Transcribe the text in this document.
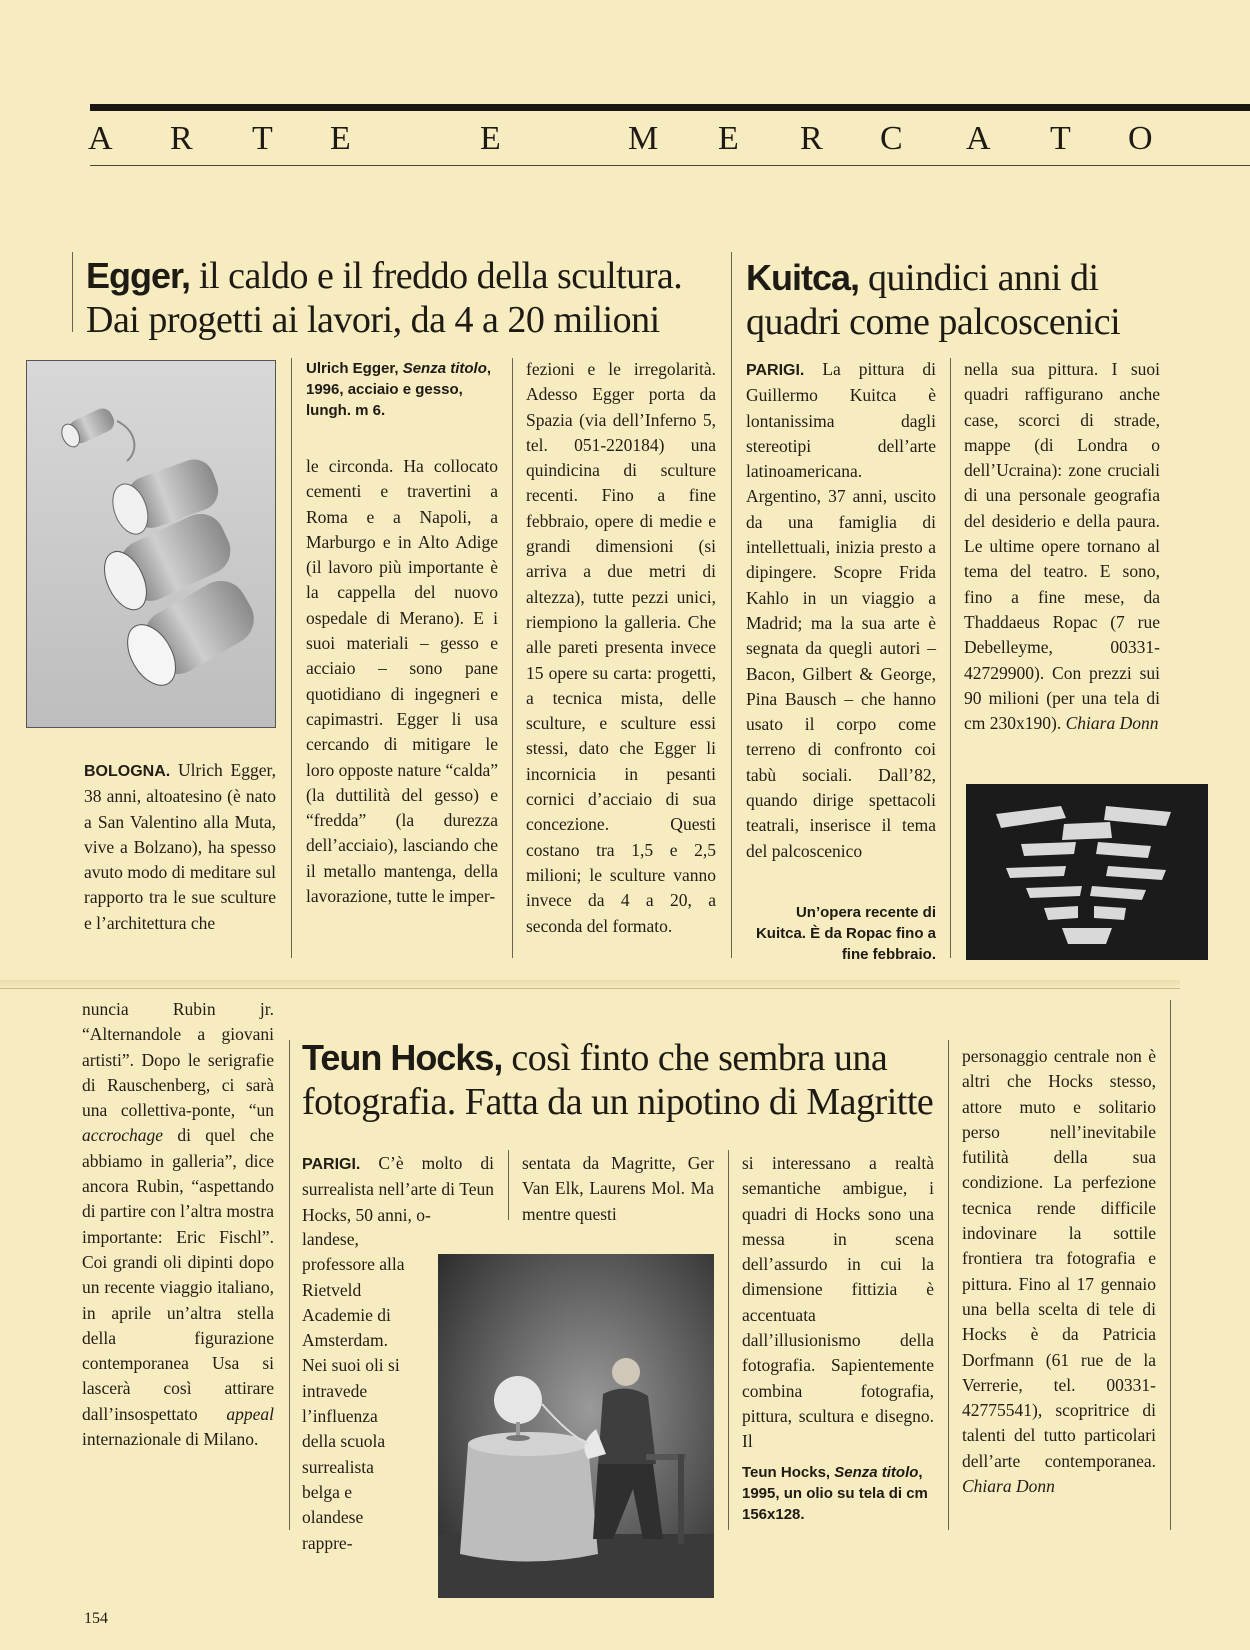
A R T E	E	M E R C A T O
Egger, il caldo e il freddo della scultura.
Dai progetti ai lavori, da 4 a 20 milioni
Ulrich Egger, Senza titolo, 1996, acciaio e gesso, lungh. m 6.

BOLOGNA. Ulrich Egger, 38 anni, altoatesino (è nato a San Valentino alla Muta, vive a Bolzano), ha spesso avuto modo di meditare sul rapporto tra le sue sculture e l’architettura che

le circonda. Ha collocato cementi e travertini a Roma e a Napoli, a Marburgo e in Alto Adige (il lavoro più importante è la cappella del nuovo ospedale di Merano). E i suoi materiali – gesso e acciaio – sono pane quotidiano di ingegneri e capimastri. Egger li usa cercando di mitigare le loro opposte nature “calda” (la duttilità del gesso) e “fredda” (la durezza dell’acciaio), lasciando che il metallo mantenga, della lavorazione, tutte le imper-

fezioni e le irregolarità. Adesso Egger porta da Spazia (via dell’Inferno 5, tel. 051-220184) una quindicina di sculture recenti. Fino a fine febbraio, opere di medie e grandi dimensioni (si arriva a due metri di altezza), tutte pezzi unici, riempiono la galleria. Che alle pareti presenta invece 15 opere su carta: progetti, a tecnica mista, delle sculture, e sculture essi stessi, dato che Egger li incornicia in pesanti cornici d’acciaio di sua concezione. Questi costano tra 1,5 e 2,5 milioni; le sculture vanno invece da 4 a 20, a seconda del formato.

Kuitca, quindici anni di
quadri come palcoscenici

PARIGI. La pittura di Guillermo Kuitca è lontanissima dagli stereotipi dell’arte latinoamericana. Argentino, 37 anni, uscito da una famiglia di intellettuali, inizia presto a dipingere. Scopre Frida Kahlo in un viaggio a Madrid; ma la sua arte è segnata da quegli autori – Bacon, Gilbert & George, Pina Bausch – che hanno usato il corpo come terreno di confronto coi tabù sociali. Dall’82, quando dirige spettacoli teatrali, inserisce il tema del palcoscenico

Un’opera recente di Kuitca. È da Ropac fino a fine febbraio.

nella sua pittura. I suoi quadri raffigurano anche case, scorci di strade, mappe (di Londra o dell’Ucraina): zone cruciali di una personale geografia del desiderio e della paura. Le ultime opere tornano al tema del teatro. E sono, fino a fine mese, da Thaddaeus Ropac (7 rue Debelleyme, 00331-42729900). Con prezzi sui 90 milioni (per una tela di cm 230x190). Chiara Donn

nuncia Rubin jr. “Alternandole a giovani artisti”. Dopo le serigrafie di Rauschenberg, ci sarà una collettiva-ponte, “un accrochage di quel che abbiamo in galleria”, dice ancora Rubin, “aspettando di partire con l’altra mostra importante: Eric Fischl”. Coi grandi oli dipinti dopo un recente viaggio italiano, in aprile un’altra stella della figurazione contemporanea Usa si lascerà così attirare dall’insospettato appeal internazionale di Milano.

Teun Hocks, così finto che sembra una
fotografia. Fatta da un nipotino di Magritte

PARIGI. C’è molto di surrealista nell’arte di Teun Hocks, 50 anni, o-

landese, professore alla Rietveld Academie di Amsterdam. Nei suoi oli si intravede l’influenza della scuola surrealista belga e olandese rappre-

sentata da Magritte, Ger Van Elk, Laurens Mol. Ma mentre questi

si interessano a realtà semantiche ambigue, i quadri di Hocks sono una messa in scena dell’assurdo in cui la dimensione fittizia è accentuata dall’illusionismo della fotografia. Sapientemente combina fotografia, pittura, scultura e disegno. Il

Teun Hocks, Senza titolo, 1995, un olio su tela di cm 156x128.

personaggio centrale non è altri che Hocks stesso, attore muto e solitario perso nell’inevitabile futilità della sua condizione. La perfezione tecnica rende difficile indovinare la sottile frontiera tra fotografia e pittura. Fino al 17 gennaio una bella scelta di tele di Hocks è da Patricia Dorfmann (61 rue de la Verrerie, tel. 00331-42775541), scopritrice di talenti del tutto particolari dell’arte contemporanea. Chiara Donn

154
